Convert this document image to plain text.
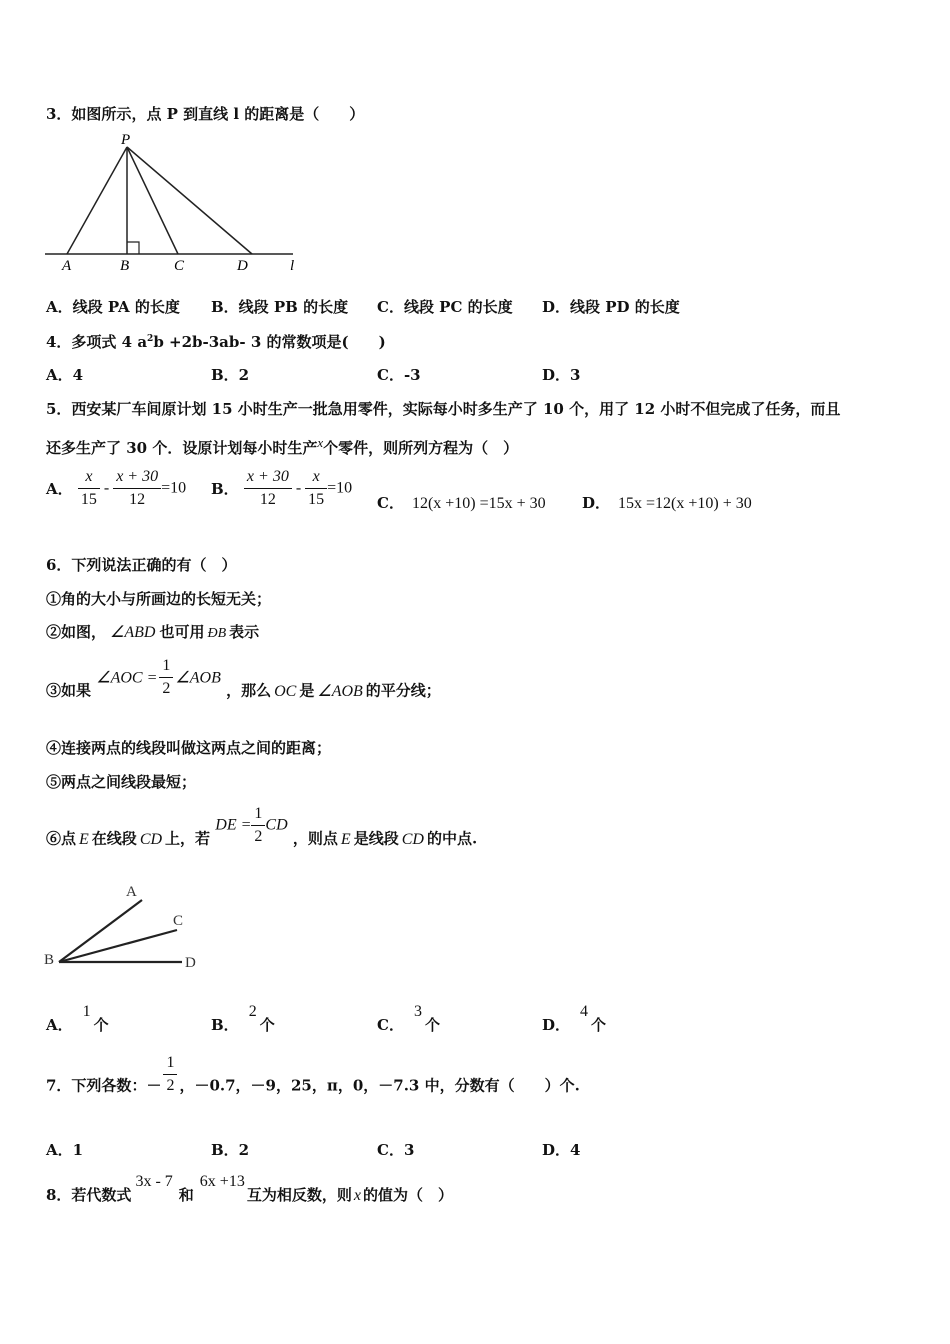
3．如图所示，点 P 到直线 l 的距离是（　　）
P
A	B	C	D	l
A．线段 PA 的长度 B．线段 PB 的长度 C．线段 PC 的长度 D．线段 PD 的长度
4．多项式 4 $a^2b +2b-3ab-$ 3 的常数项是(　　)
A．4	B．2	C．-3	D．3
5．西安某厂车间原计划 15 小时生产一批急用零件，实际每小时多生产了 10 个，用了 12 小时不但完成了任务，而且
还多生产了 30 个．设原计划每小时生产$^x$个零件，则所列方程为（　）
A． $\frac{x}{15} - \frac{x + 30}{12} =10$ B． $\frac{x + 30}{12} - \frac{x}{15} =10$
C． 12(x +10) =15x + 30 D． 15x =12(x +10) + 30
6．下列说法正确的有（　）
①角的大小与所画边的长短无关；
②如图， ∠ABD 也可用 ÐB 表示
③如果 ∠AOC = $\frac{1}{2}$ ∠AOB ，那么 OC 是 ∠AOB 的平分线；
④连接两点的线段叫做这两点之间的距离；
⑤两点之间线段最短；
⑥点 E 在线段 CD 上，若 DE = $\frac{1}{2}$ CD ，则点 E 是线段 CD 的中点.
A
C
B	D
A．1个	B．2个	C．3个	D．4个
7．下列各数：－ $\frac{1}{2}$ ，－0.7，－9，25，π，0，－7.3 中，分数有（　　）个.
A．1	B．2	C．3	D．4
8．若代数式3x - 7和6x +13互为相反数，则 x 的值为（　）
